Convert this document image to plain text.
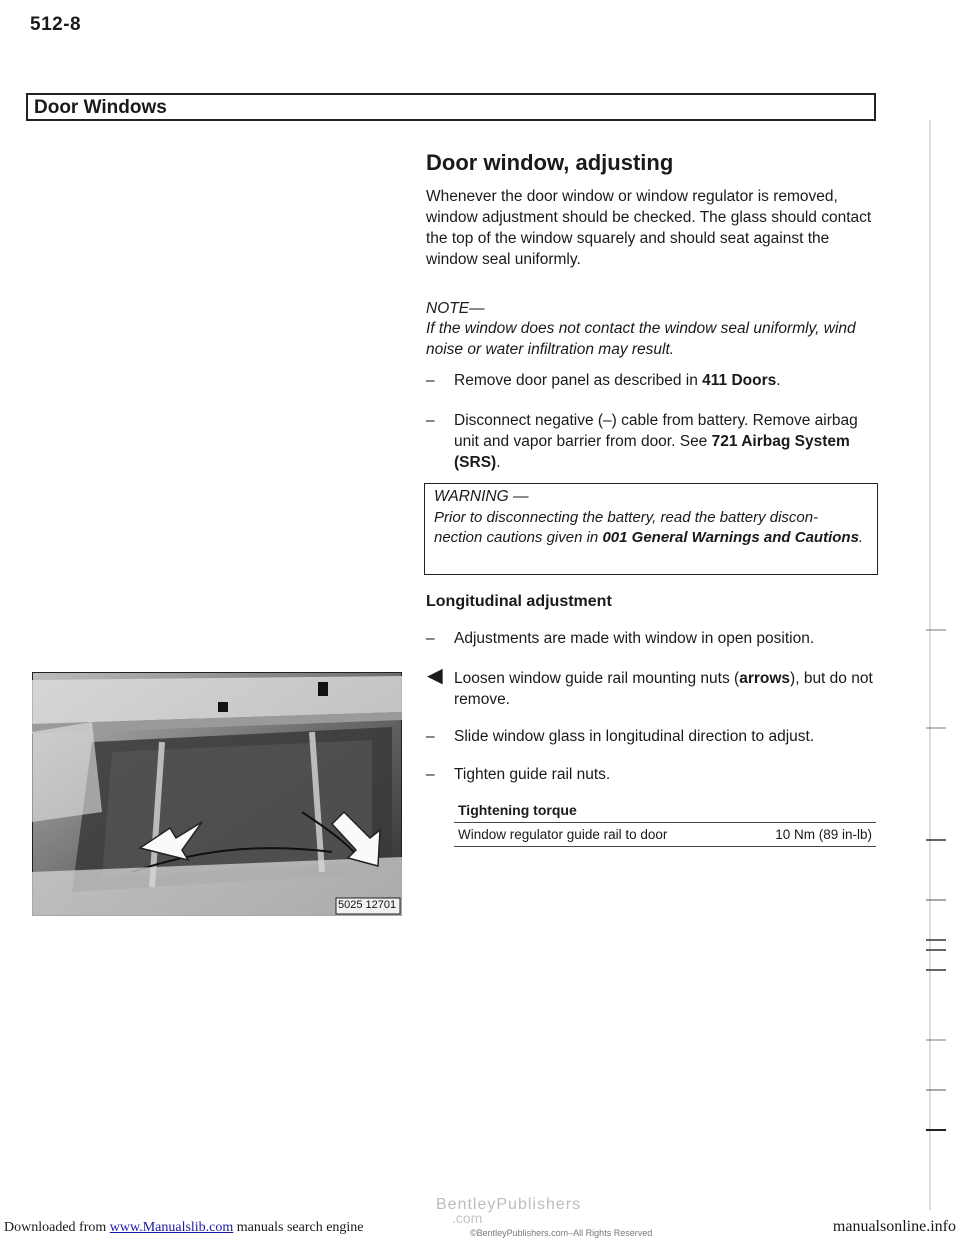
512-8
Door Windows
Door window, adjusting
Whenever the door window or window regulator is removed, window adjustment should be checked. The glass should contact the top of the window squarely and should seat against the window seal uniformly.
NOTE—
If the window does not contact the window seal uniformly, wind noise or water infiltration may result.
– Remove door panel as described in 411 Doors.
– Disconnect negative (–) cable from battery. Remove airbag unit and vapor barrier from door. See 721 Airbag System (SRS).
WARNING —
Prior to disconnecting the battery, read the battery discon-nection cautions given in 001 General Warnings and Cautions.
Longitudinal adjustment
– Adjustments are made with window in open position.
◄ Loosen window guide rail mounting nuts (arrows), but do not remove.
– Slide window glass in longitudinal direction to adjust.
– Tighten guide rail nuts.
Tightening torque
Window regulator guide rail to door	10 Nm (89 in-lb)
5025 12701
BentleyPublishers
.com
©BentleyPublishers.com–All Rights Reserved
Downloaded from www.Manualslib.com manuals search engine	manualsonline.info
